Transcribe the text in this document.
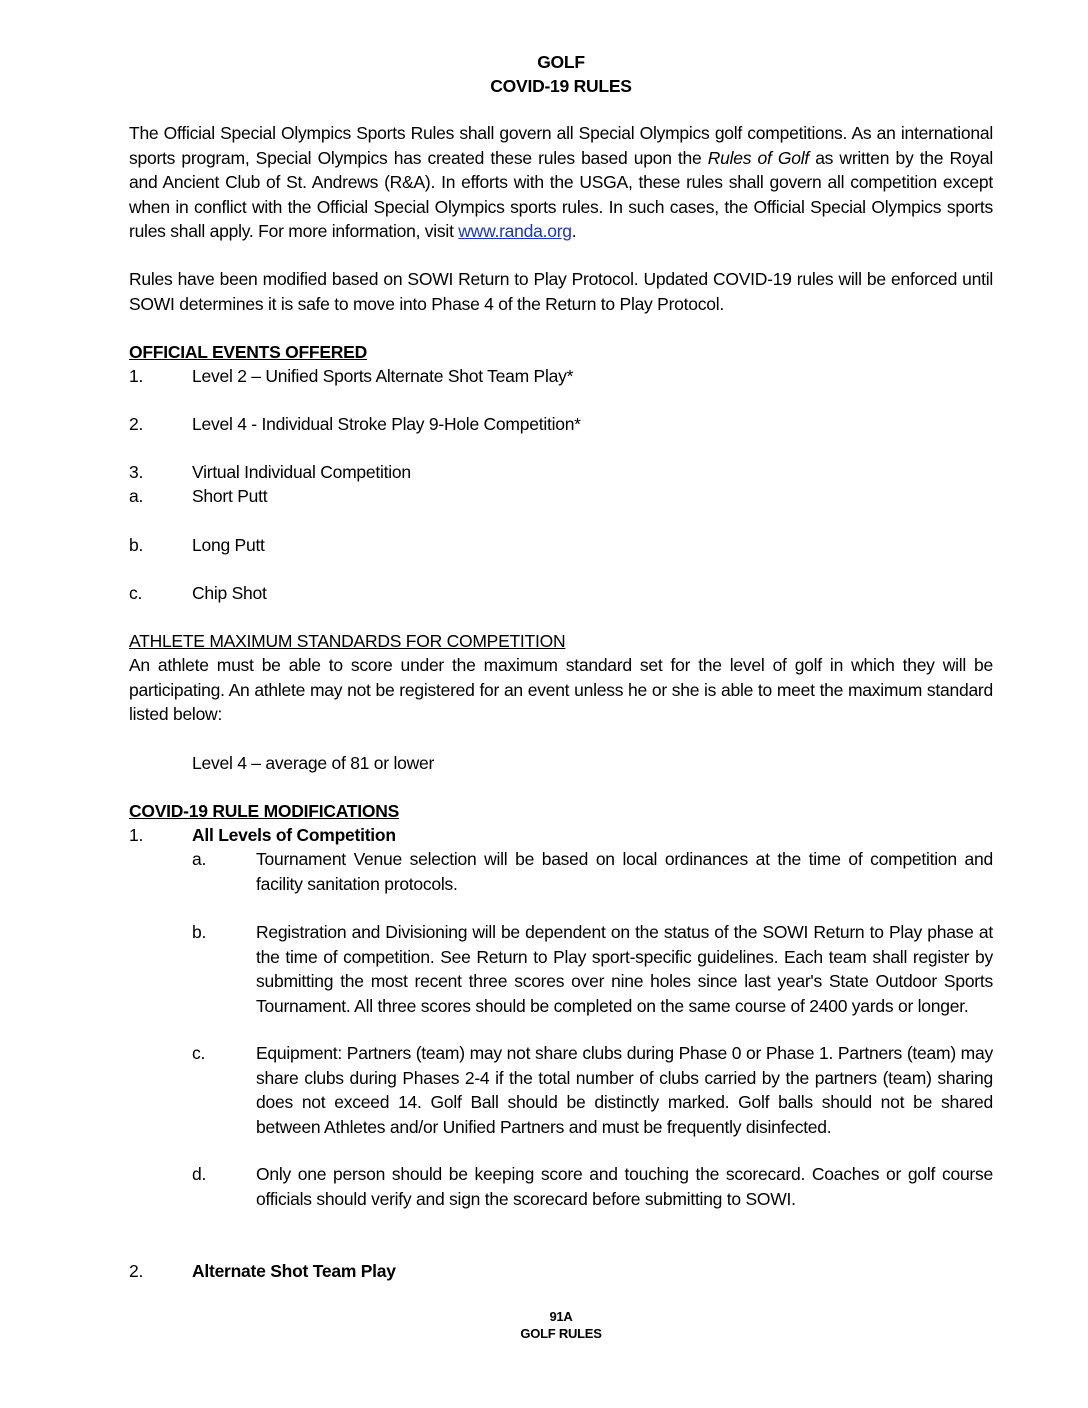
GOLF
COVID-19 RULES

The Official Special Olympics Sports Rules shall govern all Special Olympics golf competitions. As an international sports program, Special Olympics has created these rules based upon the Rules of Golf as written by the Royal and Ancient Club of St. Andrews (R&A). In efforts with the USGA, these rules shall govern all competition except when in conflict with the Official Special Olympics sports rules. In such cases, the Official Special Olympics sports rules shall apply. For more information, visit www.randa.org.

Rules have been modified based on SOWI Return to Play Protocol. Updated COVID-19 rules will be enforced until SOWI determines it is safe to move into Phase 4 of the Return to Play Protocol.

OFFICIAL EVENTS OFFERED

1.	Level 2 – Unified Sports Alternate Shot Team Play*
2.	Level 4 - Individual Stroke Play 9-Hole Competition*
3.	Virtual Individual Competition
a.	Short Putt
b.	Long Putt
c.	Chip Shot

ATHLETE MAXIMUM STANDARDS FOR COMPETITION

An athlete must be able to score under the maximum standard set for the level of golf in which they will be participating. An athlete may not be registered for an event unless he or she is able to meet the maximum standard listed below:

Level 4 – average of 81 or lower

COVID-19 RULE MODIFICATIONS

1.	All Levels of Competition
a.	Tournament Venue selection will be based on local ordinances at the time of competition and facility sanitation protocols.
b.	Registration and Divisioning will be dependent on the status of the SOWI Return to Play phase at the time of competition. See Return to Play sport-specific guidelines. Each team shall register by submitting the most recent three scores over nine holes since last year's State Outdoor Sports Tournament. All three scores should be completed on the same course of 2400 yards or longer.
c.	Equipment: Partners (team) may not share clubs during Phase 0 or Phase 1. Partners (team) may share clubs during Phases 2-4 if the total number of clubs carried by the partners (team) sharing does not exceed 14. Golf Ball should be distinctly marked. Golf balls should not be shared between Athletes and/or Unified Partners and must be frequently disinfected.
d.	Only one person should be keeping score and touching the scorecard. Coaches or golf course officials should verify and sign the scorecard before submitting to SOWI.
2.	Alternate Shot Team Play
91A
GOLF RULES
